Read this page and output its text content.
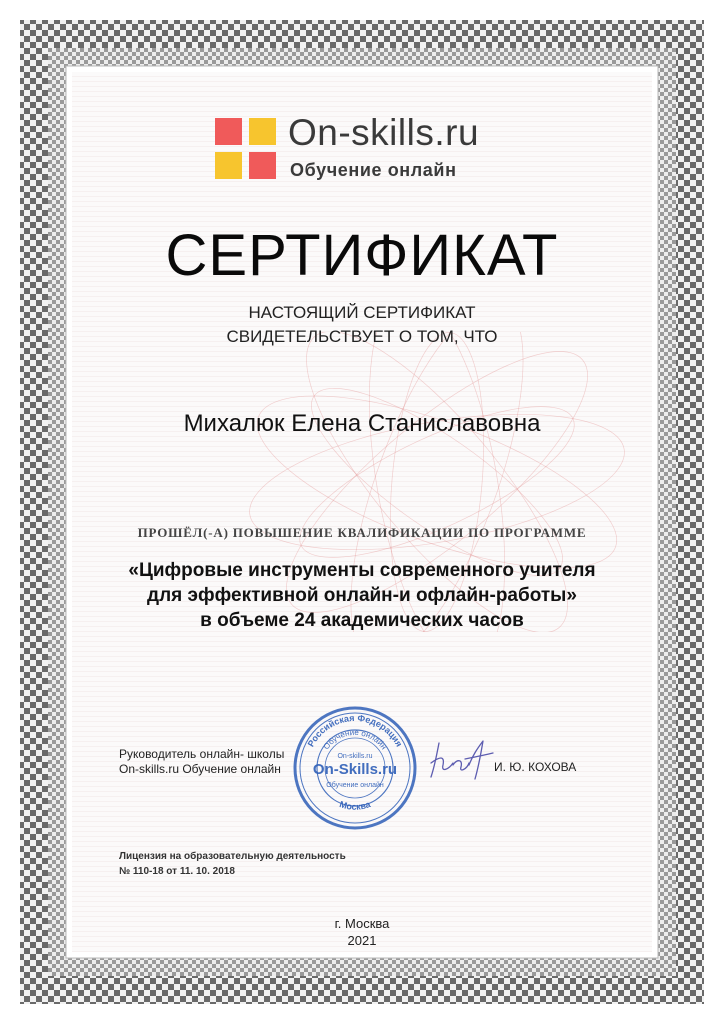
On-skills.ru
Обучение онлайн
СЕРТИФИКАТ
НАСТОЯЩИЙ СЕРТИФИКАТ
СВИДЕТЕЛЬСТВУЕТ О ТОМ, ЧТО
Михалюк Елена Станиславовна
ПРОШЁЛ(-А) ПОВЫШЕНИЕ КВАЛИФИКАЦИИ ПО ПРОГРАММЕ
«Цифровые инструменты современного учителя
для эффективной онлайн-и офлайн-работы»
в объеме 24 академических часов
Руководитель онлайн- школы
On-skills.ru Обучение онлайн
Российская Федерация
Обучение онлайн
On-skills.ru
On-Skills.ru
Обучение онлайн
Москва
И. Ю. КОХОВА
Лицензия на образовательную деятельность
№ 110-18 от 11. 10. 2018
г. Москва
2021
